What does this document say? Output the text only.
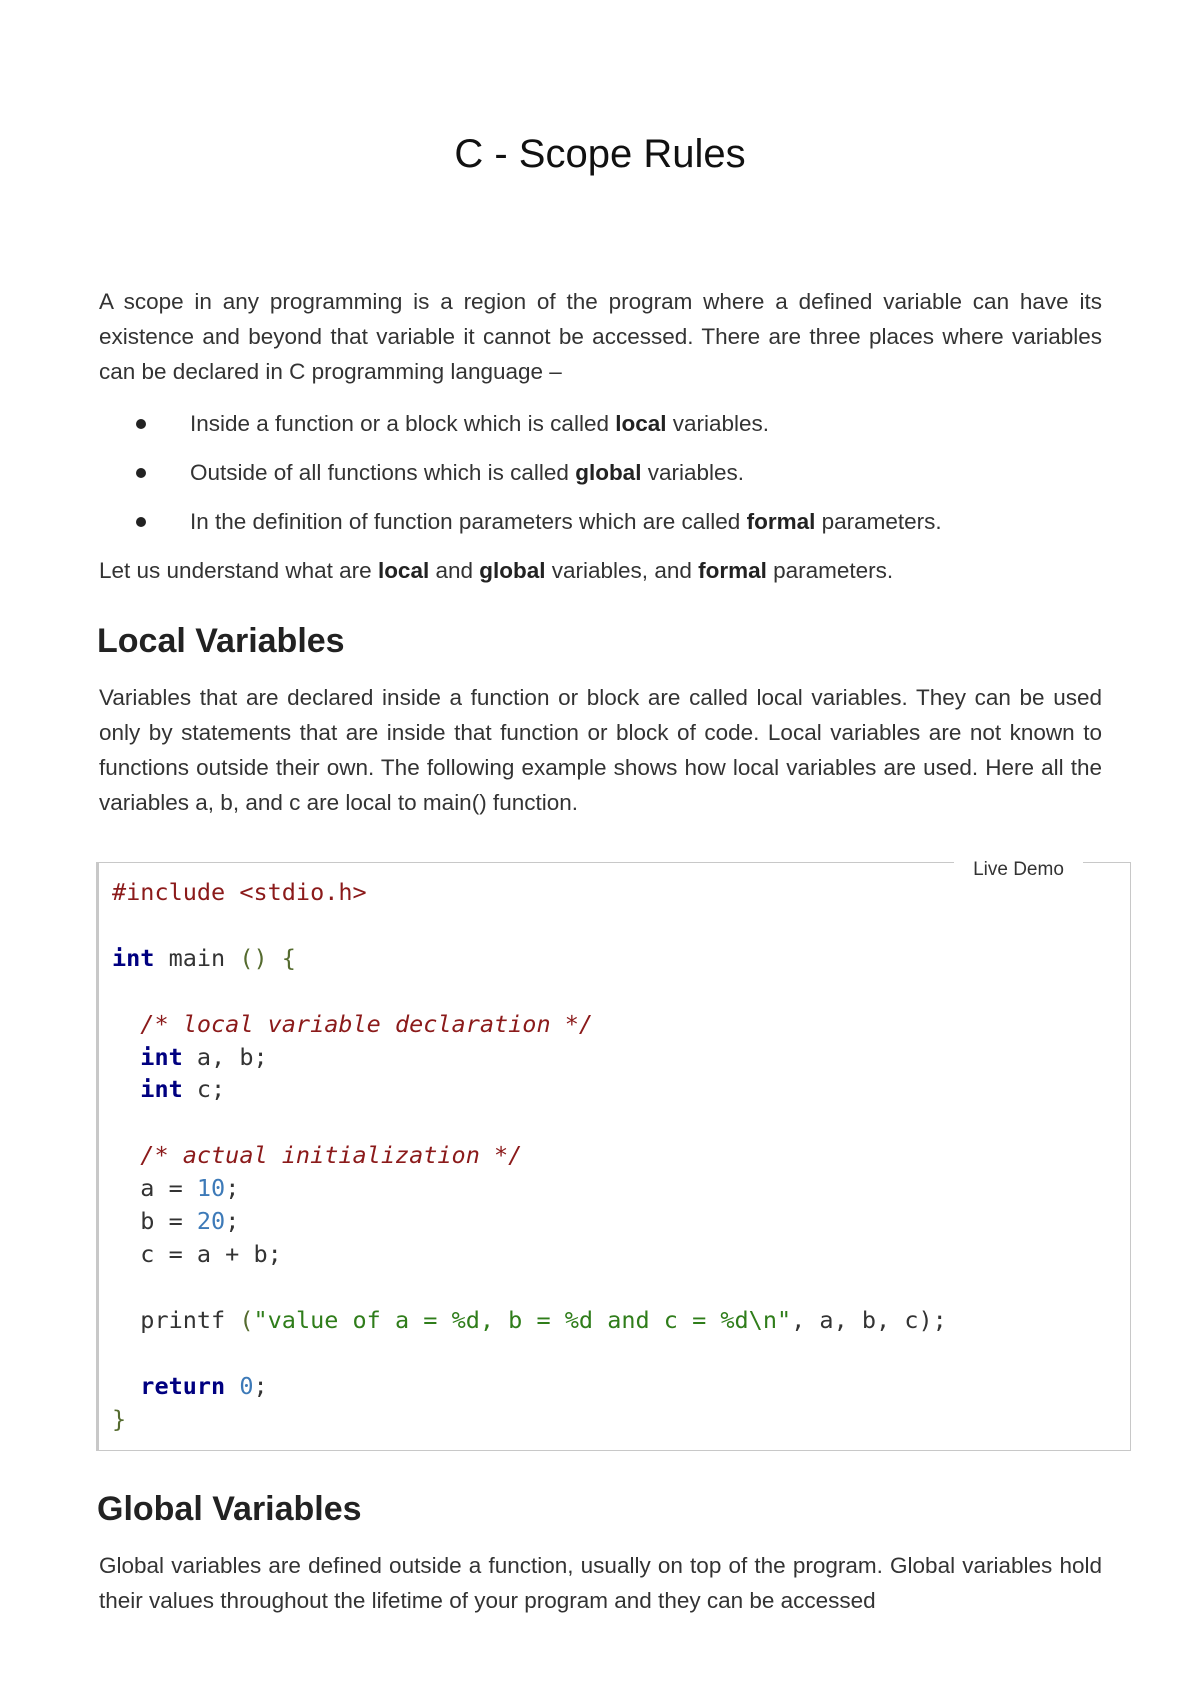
C - Scope Rules

A scope in any programming is a region of the program where a defined variable can have its existence and beyond that variable it cannot be accessed. There are three places where variables can be declared in C programming language –

Inside a function or a block which is called local variables.
Outside of all functions which is called global variables.
In the definition of function parameters which are called formal parameters.

Let us understand what are local and global variables, and formal parameters.

Local Variables

Variables that are declared inside a function or block are called local variables. They can be used only by statements that are inside that function or block of code. Local variables are not known to functions outside their own. The following example shows how local variables are used. Here all the variables a, b, and c are local to main() function.

Live Demo
#include <stdio.h>

int main () {

/* local variable declaration */
int a, b;
int c;

/* actual initialization */
a = 10;
b = 20;
c = a + b;

printf ("value of a = %d, b = %d and c = %d\n", a, b, c);

return 0;
}
Global Variables

Global variables are defined outside a function, usually on top of the program. Global variables hold their values throughout the lifetime of your program and they can be accessed
